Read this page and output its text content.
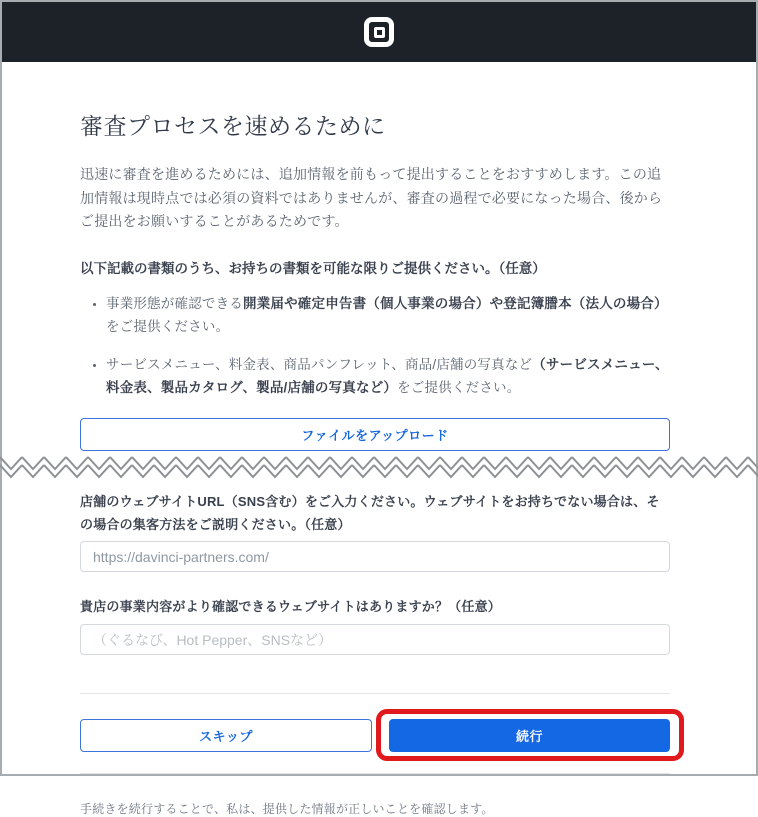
審査プロセスを速めるために
迅速に審査を進めるためには、追加情報を前もって提出することをおすすめします。この追加情報は現時点では必須の資料ではありませんが、審査の過程で必要になった場合、後からご提出をお願いすることがあるためです。
以下記載の書類のうち、お持ちの書類を可能な限りご提供ください。（任意）
• 事業形態が確認できる開業届や確定申告書（個人事業の場合）や登記簿謄本（法人の場合）をご提供ください。
• サービスメニュー、料金表、商品パンフレット、商品/店舗の写真など（サービスメニュー、料金表、製品カタログ、製品/店舗の写真など）をご提供ください。
ファイルをアップロード
店舗のウェブサイトURL（SNS含む）をご入力ください。ウェブサイトをお持ちでない場合は、その場合の集客方法をご説明ください。（任意）
https://davinci-partners.com/
貴店の事業内容がより確認できるウェブサイトはありますか？（任意）
（ぐるなび、Hot Pepper、SNSなど）
スキップ	続行
手続きを続行することで、私は、提供した情報が正しいことを確認します。
